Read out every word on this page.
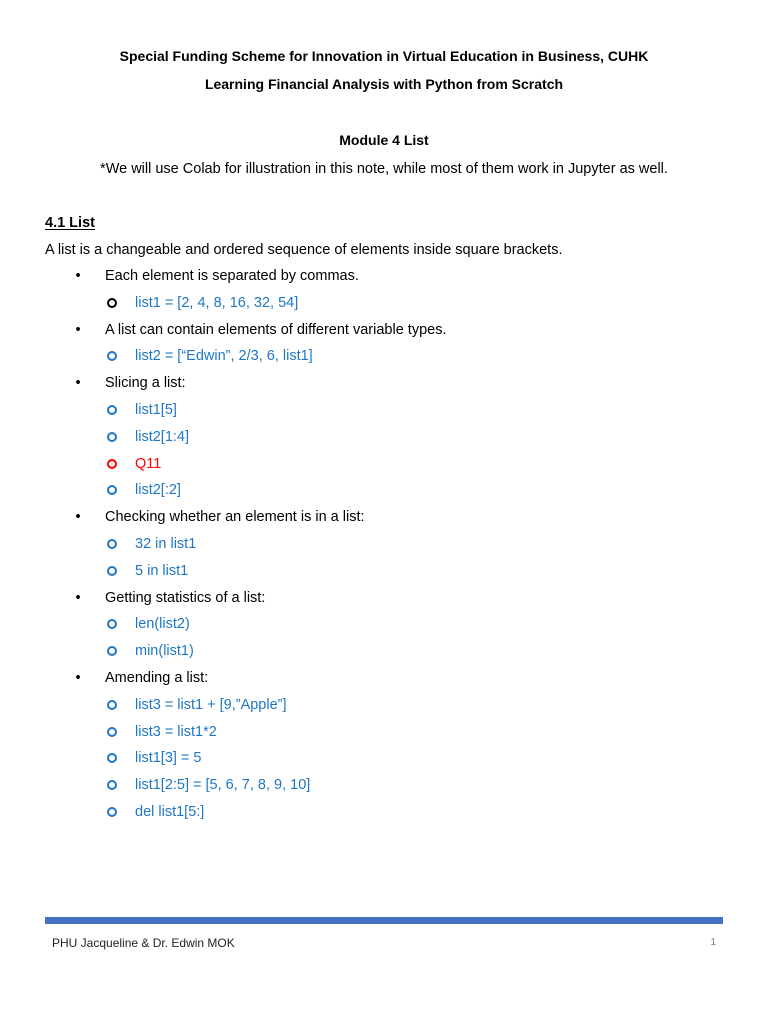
Special Funding Scheme for Innovation in Virtual Education in Business, CUHK
Learning Financial Analysis with Python from Scratch
Module 4 List
*We will use Colab for illustration in this note, while most of them work in Jupyter as well.
4.1 List
A list is a changeable and ordered sequence of elements inside square brackets.
• Each element is separated by commas.
list1 = [2, 4, 8, 16, 32, 54]
• A list can contain elements of different variable types.
list2 = [“Edwin”, 2/3, 6, list1]
• Slicing a list:
list1[5]
list2[1:4]
Q11
list2[:2]
• Checking whether an element is in a list:
32 in list1
5 in list1
• Getting statistics of a list:
len(list2)
min(list1)
• Amending a list:
list3 = list1 + [9,”Apple”]
list3 = list1*2
list1[3] = 5
list1[2:5] = [5, 6, 7, 8, 9, 10]
del list1[5:]
PHU Jacqueline & Dr. Edwin MOK	1
